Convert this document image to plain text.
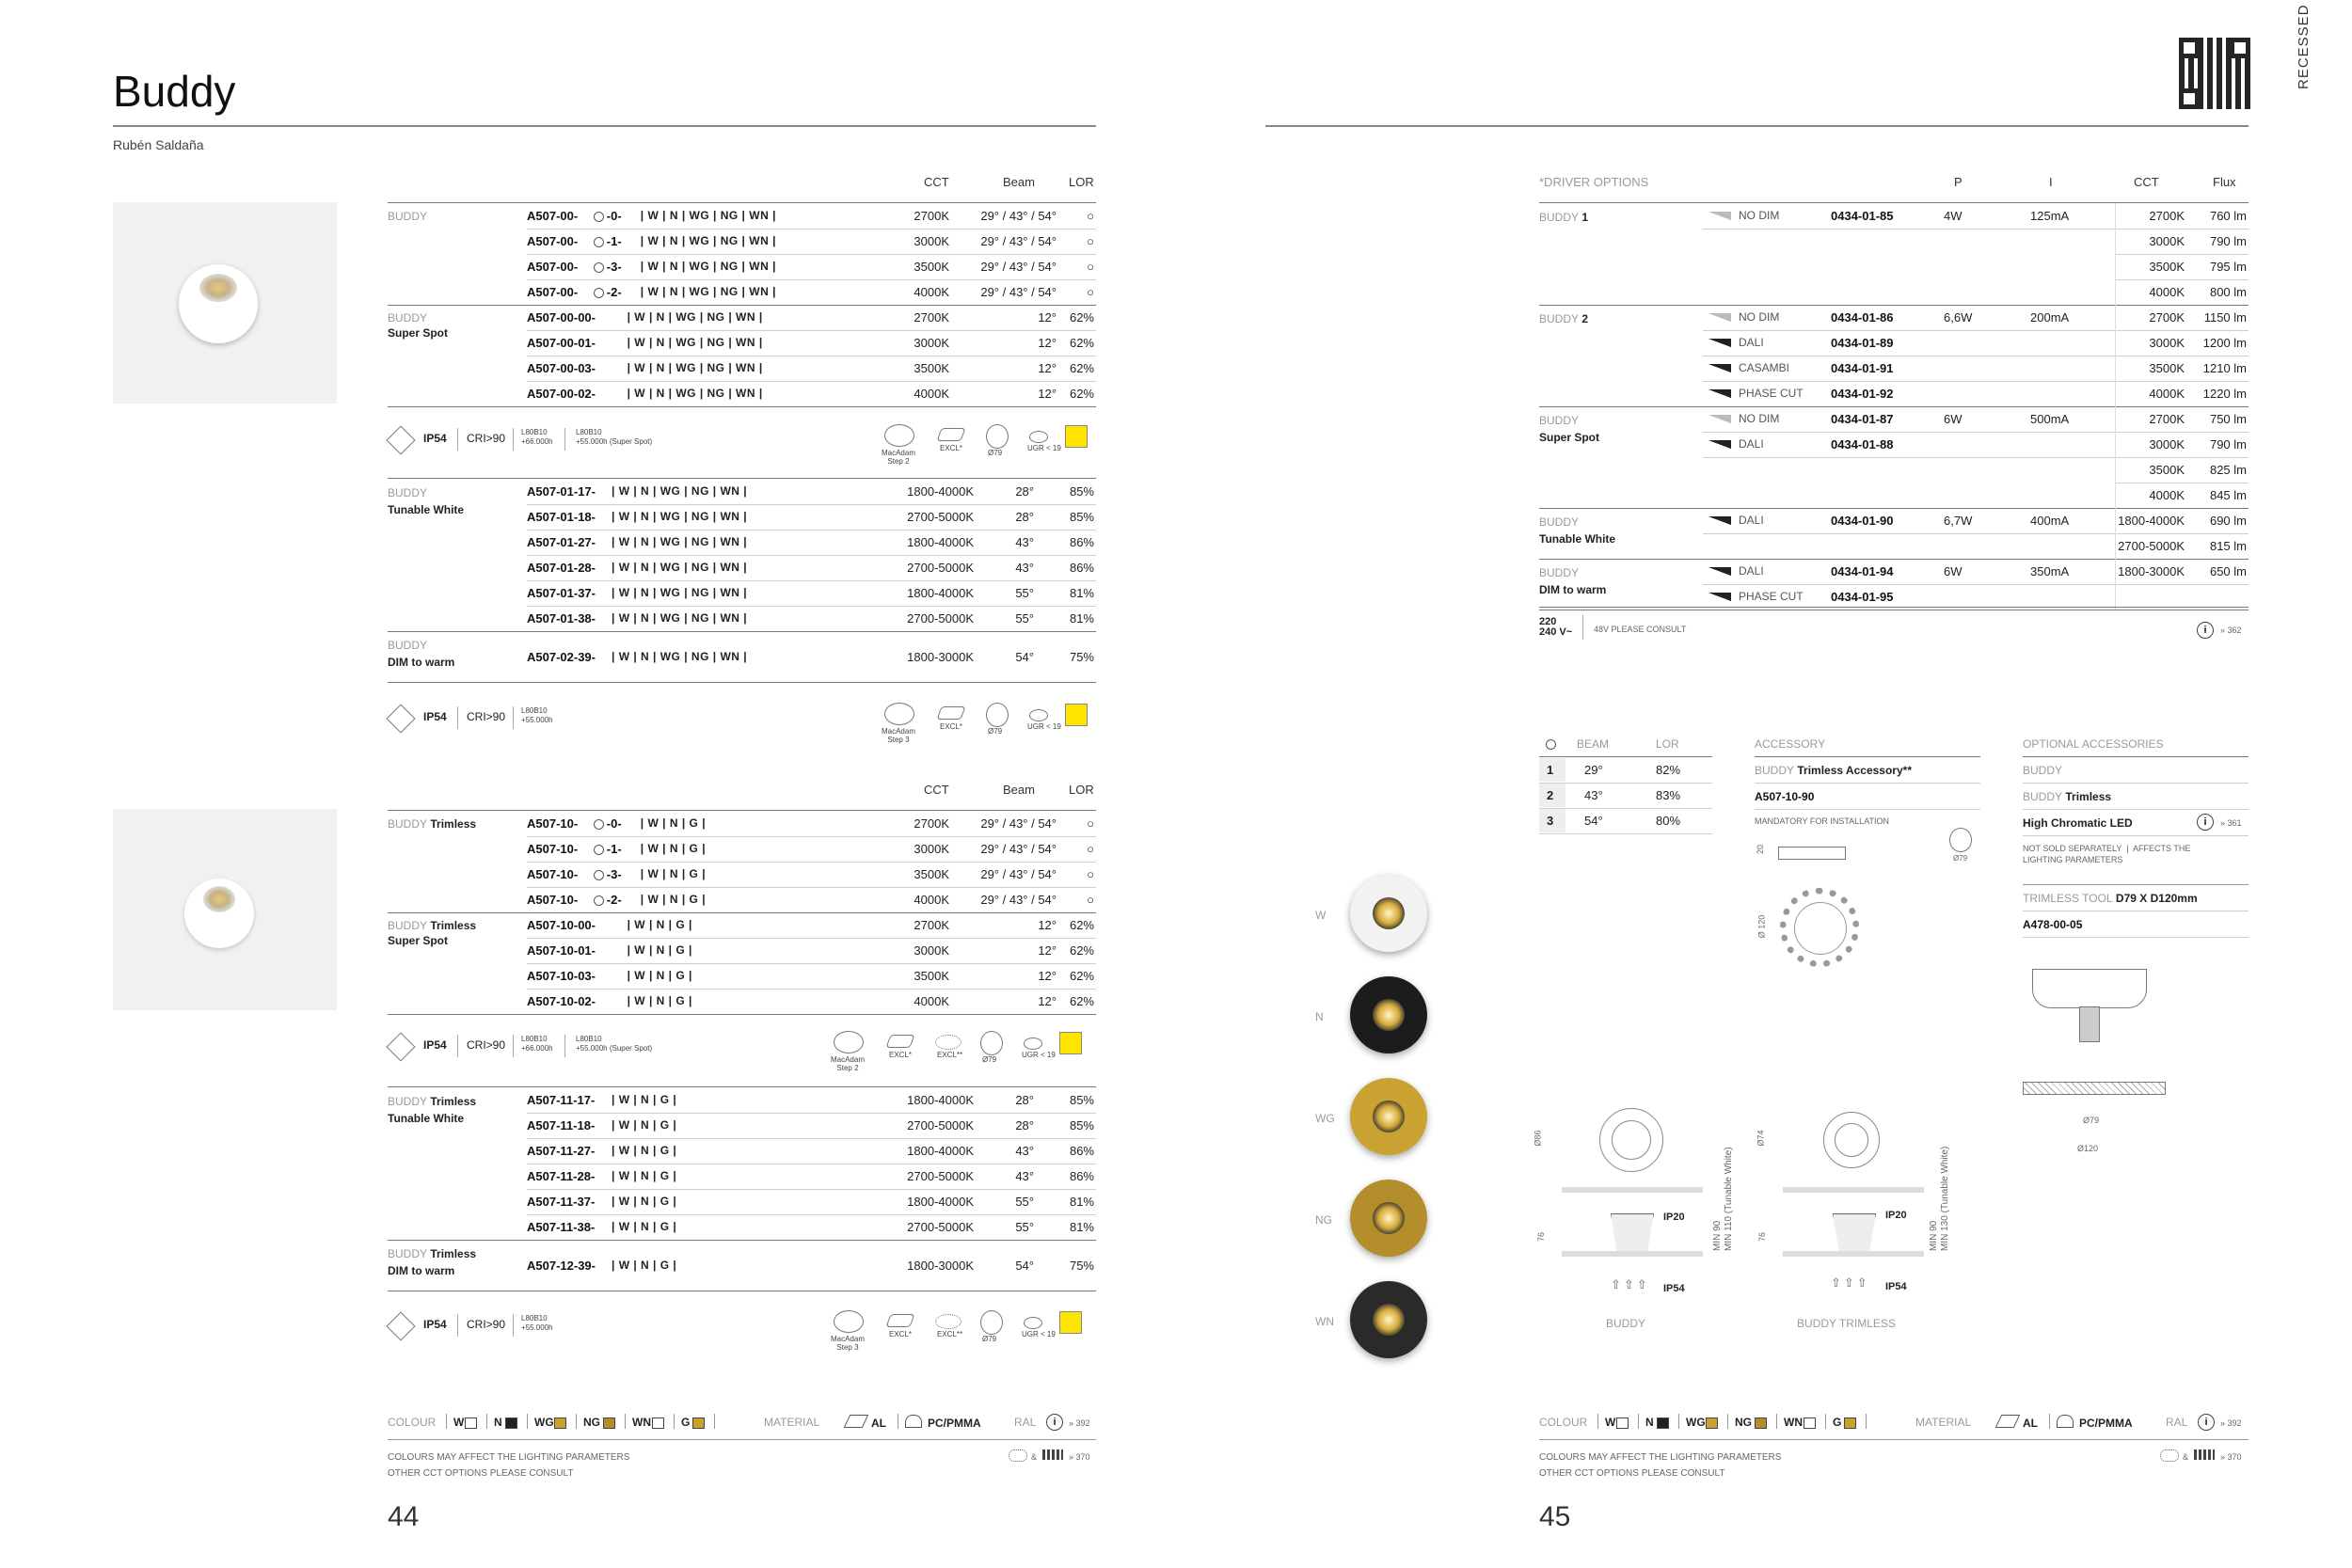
Buddy
Rubén Saldaña
CCT	Beam	LOR
BUDDY	A507-00- -0- | W | N | WG | NG | WN |	2700K	29° / 43° / 54° ○
A507-00- -1- | W | N | WG | NG | WN |	3000K	29° / 43° / 54° ○
A507-00- -3- | W | N | WG | NG | WN |	3500K	29° / 43° / 54° ○
A507-00- -2- | W | N | WG | NG | WN |	4000K	29° / 43° / 54° ○
BUDDY
Super Spot
A507-00-00-	| W | N | WG | NG | WN |	2700K	12° 62%
A507-00-01-	| W | N | WG | NG | WN |	3000K	12° 62%
A507-00-03-	| W | N | WG | NG | WN |	3500K	12° 62%
A507-00-02-	| W | N | WG | NG | WN |	4000K	12° 62%
IP54 CRI>90 L80B10
+66.000h
L80B10
+55.000h (Super Spot)
MacAdam
Step 2
EXCL*
Ø79
UGR < 19
BUDDY
Tunable White
A507-01-17- | W | N | WG | NG | WN |	1800-4000K	28°	85%
A507-01-18- | W | N | WG | NG | WN |	2700-5000K	28°	85%
A507-01-27- | W | N | WG | NG | WN |	1800-4000K	43°	86%
A507-01-28- | W | N | WG | NG | WN |	2700-5000K	43°	86%
A507-01-37- | W | N | WG | NG | WN |	1800-4000K	55°	81%
A507-01-38- | W | N | WG | NG | WN |	2700-5000K	55°	81%
BUDDY
DIM to warm	A507-02-39- | W | N | WG | NG | WN |	1800-3000K	54°	75%
IP54 CRI>90 L80B10
+55.000h
MacAdam
Step 3
EXCL*
Ø79
UGR < 19
CCT	Beam	LOR
BUDDY Trimless	A507-10- -0- | W | N | G |	2700K	29° / 43° / 54° ○
A507-10- -1- | W | N | G |	3000K	29° / 43° / 54° ○
A507-10- -3- | W | N | G |	3500K	29° / 43° / 54° ○
A507-10- -2- | W | N | G |	4000K	29° / 43° / 54° ○
BUDDY Trimless
Super Spot
A507-10-00-	| W | N | G |	2700K	12° 62%
A507-10-01-	| W | N | G |	3000K	12° 62%
A507-10-03-	| W | N | G |	3500K	12° 62%
A507-10-02-	| W | N | G |	4000K	12° 62%
IP54 CRI>90 L80B10
+66.000h
L80B10
+55.000h (Super Spot)
MacAdam
Step 2
EXCL*	EXCL**
Ø79
UGR < 19
BUDDY Trimless
Tunable White
A507-11-17- | W | N | G |	1800-4000K	28°	85%
A507-11-18- | W | N | G |	2700-5000K	28°	85%
A507-11-27- | W | N | G |	1800-4000K	43°	86%
A507-11-28- | W | N | G |	2700-5000K	43°	86%
A507-11-37- | W | N | G |	1800-4000K	55°	81%
A507-11-38- | W | N | G |	2700-5000K	55°	81%
BUDDY Trimless
DIM to warm	A507-12-39- | W | N | G |	1800-3000K	54°	75%
IP54 CRI>90 L80B10
+55.000h
MacAdam
Step 3
EXCL*	EXCL**
Ø79
UGR < 19
COLOUR W	N	WG	NG	WN	G	MATERIAL	AL	PC/PMMA	RAL	i	» 392
COLOURS MAY AFFECT THE LIGHTING PARAMETERS
OTHER CCT OPTIONS PLEASE CONSULT
&	» 370
44
RECESSED
*DRIVER OPTIONS	P	I	CCT	Flux
BUDDY 1	NO DIM	0434-01-85	4W	125mA	2700K 760 lm
3000K 790 lm
3500K 795 lm
4000K 800 lm
BUDDY 2	NO DIM	0434-01-86	6,6W	200mA	2700K 1150 lm
DALI	0434-01-89	3000K 1200 lm
CASAMBI	0434-01-91	3500K 1210 lm
PHASE CUT 0434-01-92	4000K 1220 lm
BUDDY
Super Spot
NO DIM	0434-01-87	6W	500mA	2700K 750 lm
DALI	0434-01-88	3000K 790 lm
3500K 825 lm
4000K 845 lm
BUDDY
Tunable White
DALI	0434-01-90	6,7W	400mA	1800-4000K 690 lm
2700-5000K 815 lm
BUDDY
DIM to warm
DALI	0434-01-94	6W	350mA	1800-3000K 650 lm
PHASE CUT 0434-01-95
220
240 V~	48V PLEASE CONSULT	i	» 362
W
N
WG
NG
WN
BEAM	LOR
1	29°	82%
2	43°	83%
3	54°	80%
ACCESSORY
BUDDY Trimless Accessory**
A507-10-90
MANDATORY FOR INSTALLATION
20
Ø79
Ø 120
OPTIONAL ACCESSORIES
BUDDY
BUDDY Trimless
High Chromatic LED	i	» 361
NOT SOLD SEPARATELY  |  AFFECTS THE
LIGHTING PARAMETERS
TRIMLESS TOOL D79 X D120mm
A478-00-05
Ø79
Ø120
Ø86
76
IP20
IP54
⇧⇧⇧
MIN 90
MIN 110 (Tunable White)
BUDDY
Ø74
76
IP20
IP54
⇧⇧⇧
MIN 90
MIN 130 (Tunable White)
BUDDY TRIMLESS
COLOUR W	N	WG	NG	WN	G	MATERIAL	AL	PC/PMMA	RAL	i	» 392
COLOURS MAY AFFECT THE LIGHTING PARAMETERS
OTHER CCT OPTIONS PLEASE CONSULT
&	» 370
45
